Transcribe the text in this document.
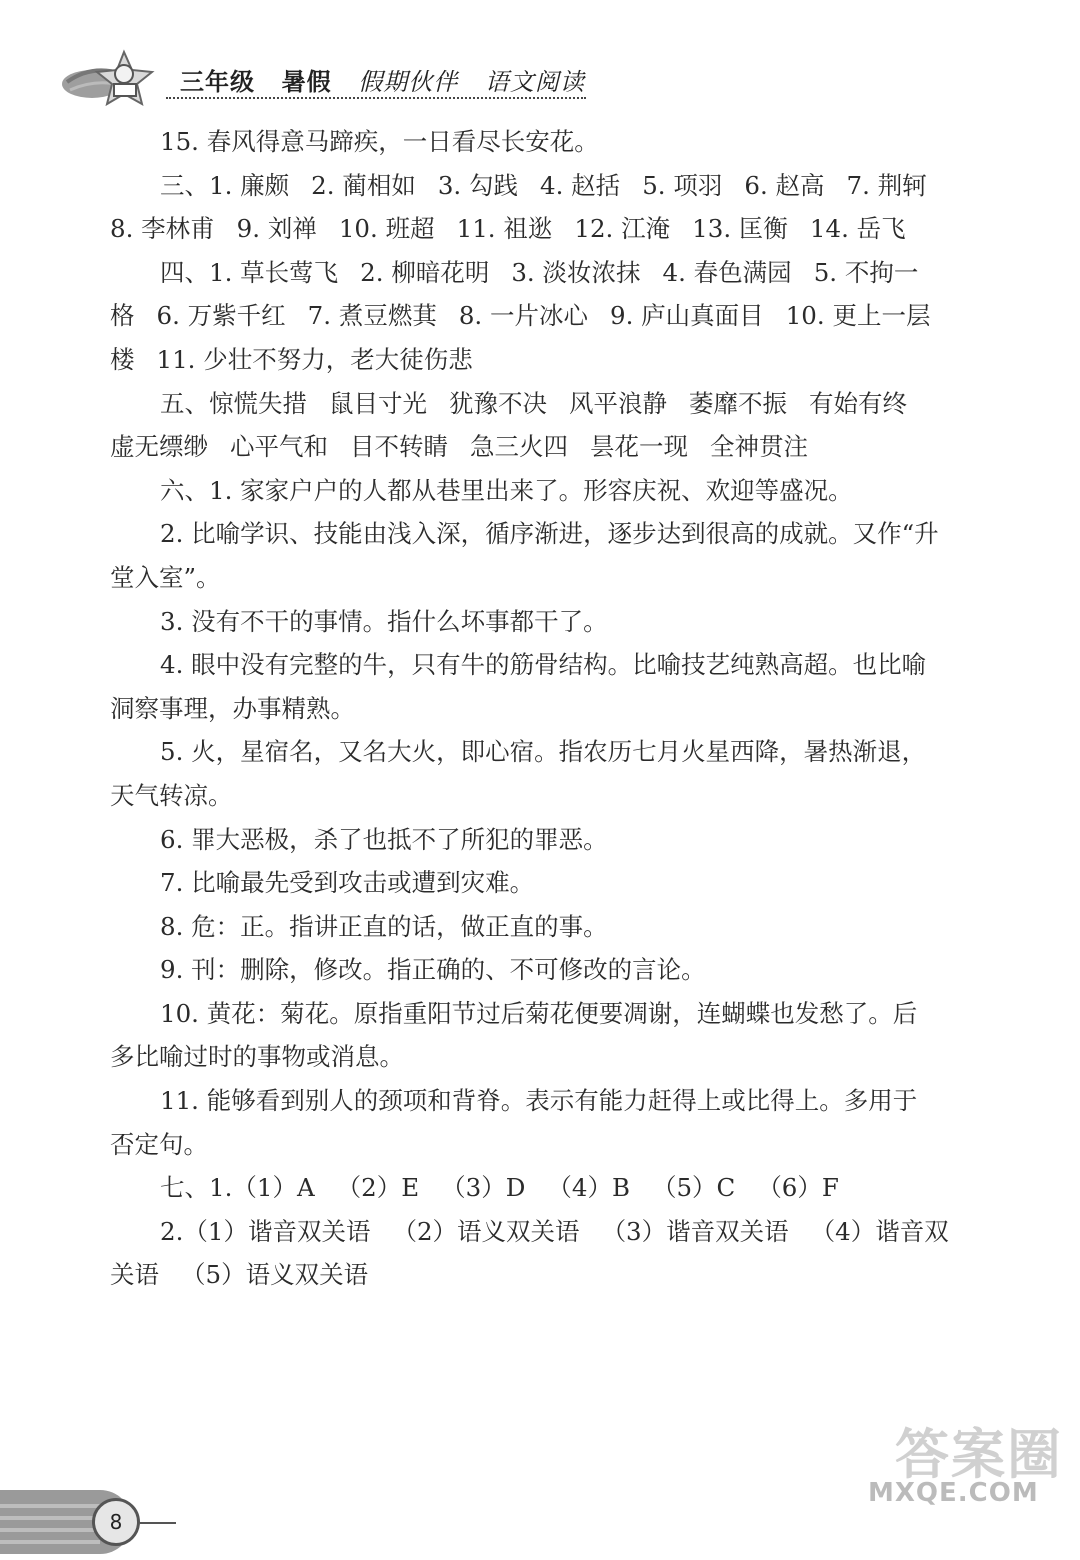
三年级 暑假 假期伙伴 语文阅读

15. 春风得意马蹄疾，一日看尽长安花。

三、1. 廉颇 2. 蔺相如 3. 勾践 4. 赵括 5. 项羽 6. 赵高 7. 荆轲

8. 李林甫 9. 刘禅 10. 班超 11. 祖逖 12. 江淹 13. 匡衡 14. 岳飞

四、1. 草长莺飞 2. 柳暗花明 3. 淡妆浓抹 4. 春色满园 5. 不拘一

格 6. 万紫千红 7. 煮豆燃萁 8. 一片冰心 9. 庐山真面目 10. 更上一层

楼 11. 少壮不努力，老大徒伤悲

五、惊慌失措 鼠目寸光 犹豫不决 风平浪静 萎靡不振 有始有终

虚无缥缈 心平气和 目不转睛 急三火四 昙花一现 全神贯注

六、1. 家家户户的人都从巷里出来了。形容庆祝、欢迎等盛况。

2. 比喻学识、技能由浅入深，循序渐进，逐步达到很高的成就。又作“升

堂入室”。

3. 没有不干的事情。指什么坏事都干了。

4. 眼中没有完整的牛，只有牛的筋骨结构。比喻技艺纯熟高超。也比喻

洞察事理，办事精熟。

5. 火，星宿名，又名大火，即心宿。指农历七月火星西降，暑热渐退，

天气转凉。

6. 罪大恶极，杀了也抵不了所犯的罪恶。

7. 比喻最先受到攻击或遭到灾难。

8. 危：正。指讲正直的话，做正直的事。

9. 刊：删除，修改。指正确的、不可修改的言论。

10. 黄花：菊花。原指重阳节过后菊花便要凋谢，连蝴蝶也发愁了。后

多比喻过时的事物或消息。

11. 能够看到别人的颈项和背脊。表示有能力赶得上或比得上。多用于

否定句。

七、1.（1）A （2）E （3）D （4）B （5）C （6）F

2.（1）谐音双关语 （2）语义双关语 （3）谐音双关语 （4）谐音双

关语 （5）语义双关语

8
答案圈
MXQE.COM
